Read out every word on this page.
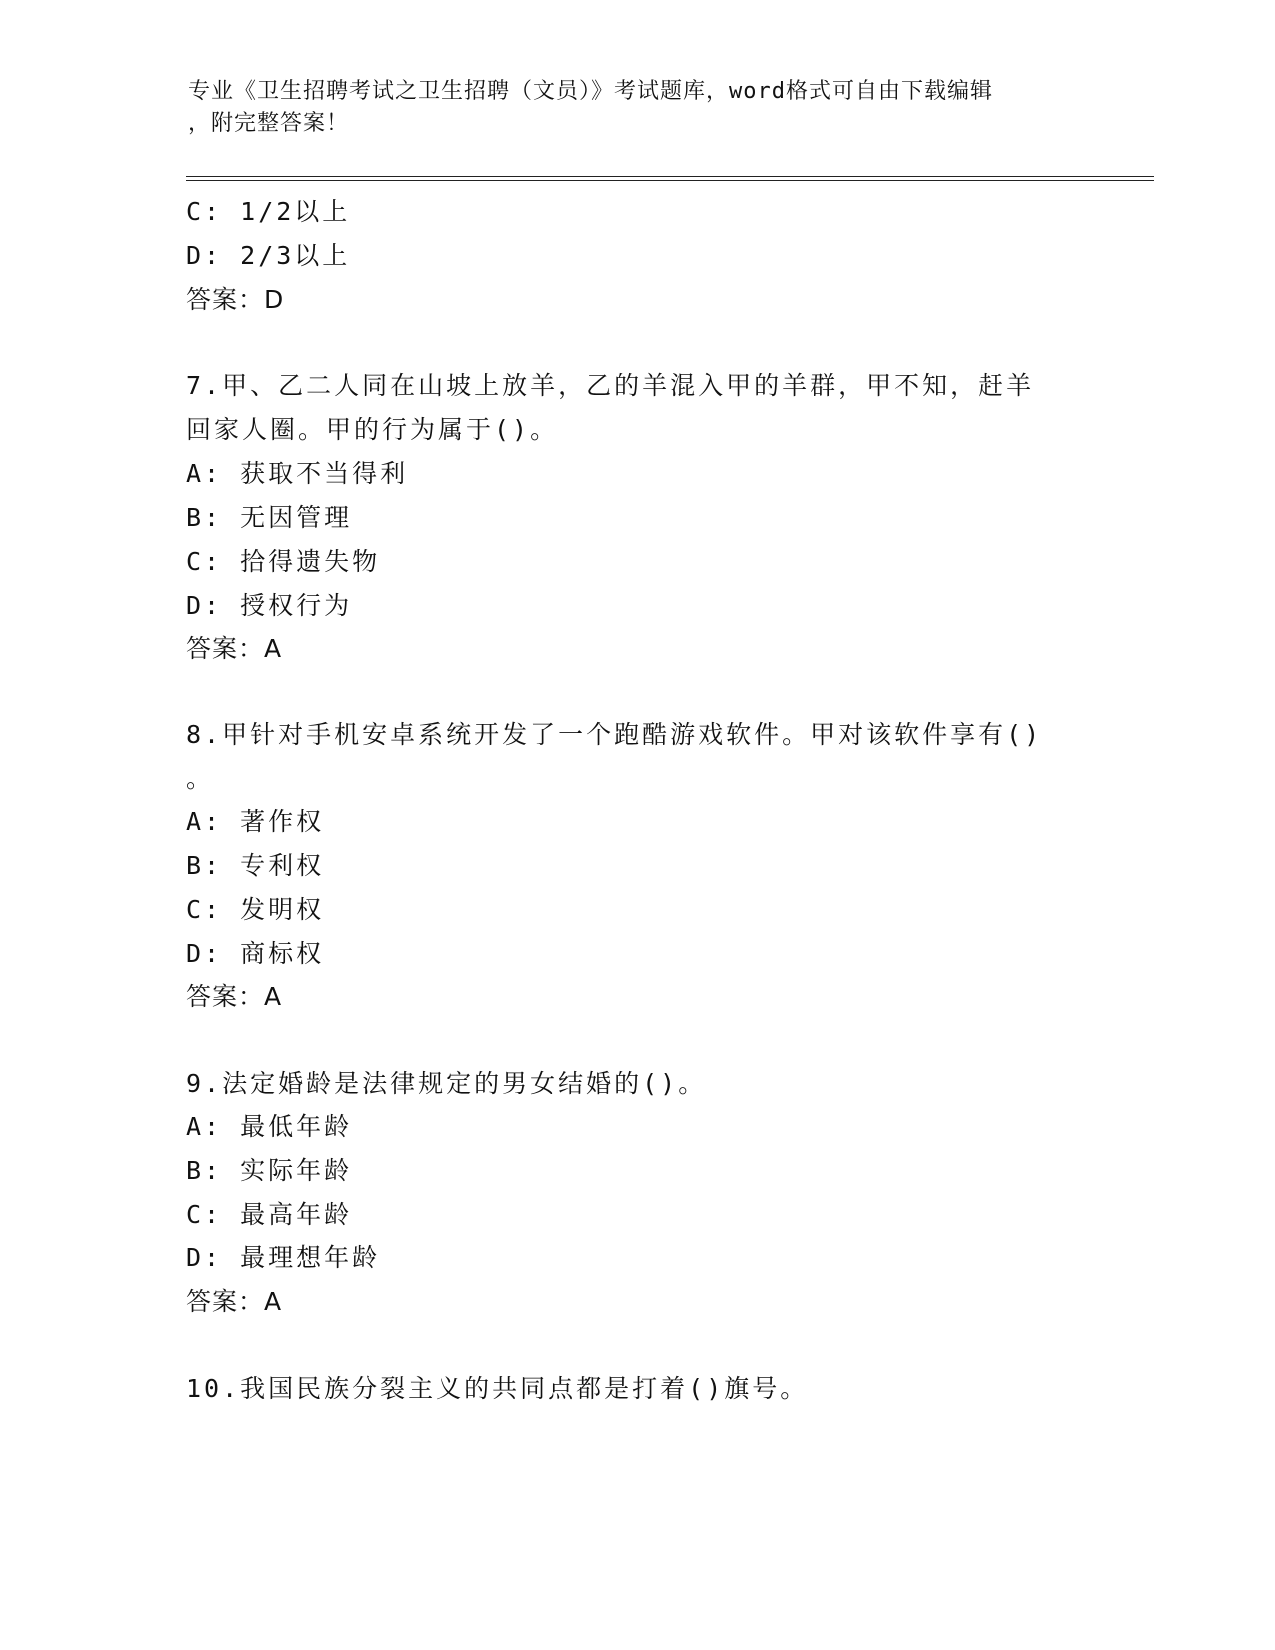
专业《卫生招聘考试之卫生招聘（文员）》考试题库，word格式可自由下载编辑
，附完整答案！
C: 1/2以上
D: 2/3以上
答案：D
7.甲、乙二人同在山坡上放羊，乙的羊混入甲的羊群，甲不知，赶羊
回家人圈。甲的行为属于()。
A: 获取不当得利
B: 无因管理
C: 拾得遗失物
D: 授权行为
答案：A
8.甲针对手机安卓系统开发了一个跑酷游戏软件。甲对该软件享有()
。
A: 著作权
B: 专利权
C: 发明权
D: 商标权
答案：A
9.法定婚龄是法律规定的男女结婚的()。
A: 最低年龄
B: 实际年龄
C: 最高年龄
D: 最理想年龄
答案：A
10.我国民族分裂主义的共同点都是打着()旗号。
